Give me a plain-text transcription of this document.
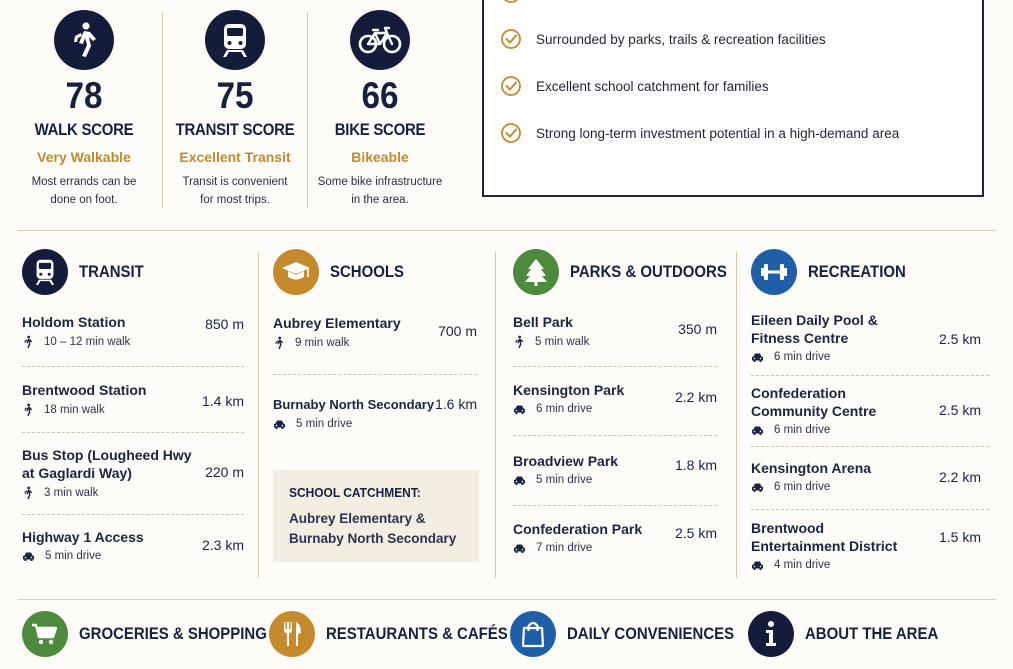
78
WALK SCORE
Very Walkable
Most errands can be
done on foot.
75
TRANSIT SCORE
Excellent Transit
Transit is convenient
for most trips.
66
BIKE SCORE
Bikeable
Some bike infrastructure
in the area.
Surrounded by parks, trails & recreation facilities
Excellent school catchment for families
Strong long-term investment potential in a high-demand area
TRANSIT
Holdom Station
10 – 12 min walk
850 m
Brentwood Station
18 min walk
1.4 km
Bus Stop (Lougheed Hwy
at Gaglardi Way)
3 min walk
220 m
Highway 1 Access
5 min drive
2.3 km
SCHOOLS
Aubrey Elementary
9 min walk
700 m
Burnaby North Secondary
5 min drive
1.6 km
SCHOOL CATCHMENT:
Aubrey Elementary &
Burnaby North Secondary
PARKS & OUTDOORS
Bell Park
5 min walk
350 m
Kensington Park
6 min drive
2.2 km
Broadview Park
5 min drive
1.8 km
Confederation Park
7 min drive
2.5 km
RECREATION
Eileen Daily Pool &
Fitness Centre
6 min drive
2.5 km
Confederation
Community Centre
6 min drive
2.5 km
Kensington Arena
6 min drive
2.2 km
Brentwood
Entertainment District
4 min drive
1.5 km
GROCERIES & SHOPPING	RESTAURANTS & CAFÉS	DAILY CONVENIENCES	ABOUT THE AREA
